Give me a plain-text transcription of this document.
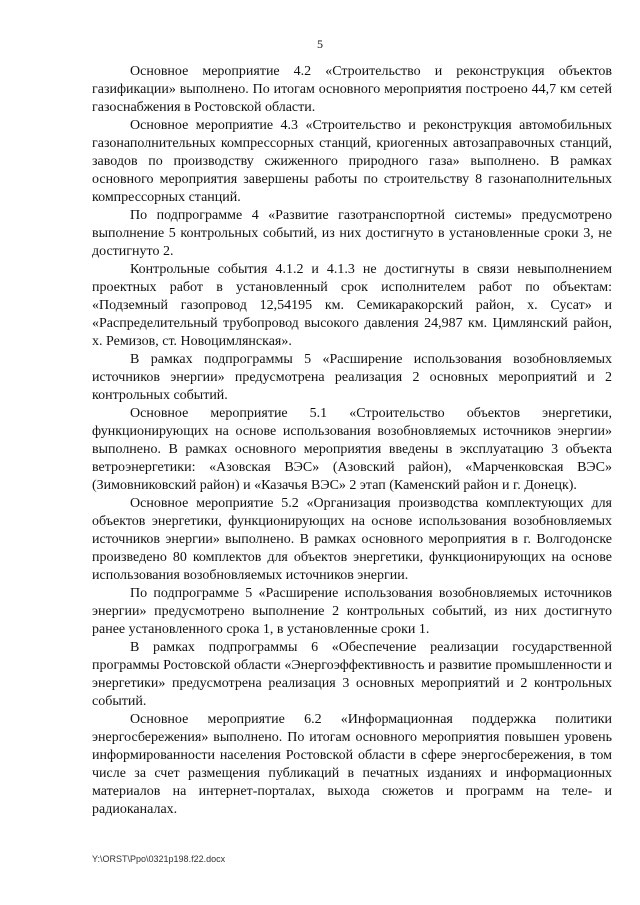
5

Основное мероприятие 4.2 «Строительство и реконструкция объектов газификации» выполнено. По итогам основного мероприятия построено 44,7 км сетей газоснабжения в Ростовской области.

Основное мероприятие 4.3 «Строительство и реконструкция автомобильных газонаполнительных компрессорных станций, криогенных автозаправочных станций, заводов по производству сжиженного природного газа» выполнено. В рамках основного мероприятия завершены работы по строительству 8 газонаполнительных компрессорных станций.

По подпрограмме 4 «Развитие газотранспортной системы» предусмотрено выполнение 5 контрольных событий, из них достигнуто в установленные сроки 3, не достигнуто 2.

Контрольные события 4.1.2 и 4.1.3 не достигнуты в связи невыполнением проектных работ в установленный срок исполнителем работ по объектам: «Подземный газопровод 12,54195 км. Семикаракорский район, х. Сусат» и «Распределительный трубопровод высокого давления 24,987 км. Цимлянский район, х. Ремизов, ст. Новоцимлянская».

В рамках подпрограммы 5 «Расширение использования возобновляемых источников энергии» предусмотрена реализация 2 основных мероприятий и 2 контрольных событий.

Основное мероприятие 5.1 «Строительство объектов энергетики, функционирующих на основе использования возобновляемых источников энергии» выполнено. В рамках основного мероприятия введены в эксплуатацию 3 объекта ветроэнергетики: «Азовская ВЭС» (Азовский район), «Марченковская ВЭС» (Зимовниковский район) и «Казачья ВЭС» 2 этап (Каменский район и г. Донецк).

Основное мероприятие 5.2 «Организация производства комплектующих для объектов энергетики, функционирующих на основе использования возобновляемых источников энергии» выполнено. В рамках основного мероприятия в г. Волгодонске произведено 80 комплектов для объектов энергетики, функционирующих на основе использования возобновляемых источников энергии.

По подпрограмме 5 «Расширение использования возобновляемых источников энергии» предусмотрено выполнение 2 контрольных событий, из них достигнуто ранее установленного срока 1, в установленные сроки 1.

В рамках подпрограммы 6 «Обеспечение реализации государственной программы Ростовской области «Энергоэффективность и развитие промышленности и энергетики» предусмотрена реализация 3 основных мероприятий и 2 контрольных событий.

Основное мероприятие 6.2 «Информационная поддержка политики энергосбережения» выполнено. По итогам основного мероприятия повышен уровень информированности населения Ростовской области в сфере энергосбережения, в том числе за счет размещения публикаций в печатных изданиях и информационных материалов на интернет-порталах, выхода сюжетов и программ на теле- и радиоканалах.

Y:\ORST\Ppo\0321p198.f22.docx
